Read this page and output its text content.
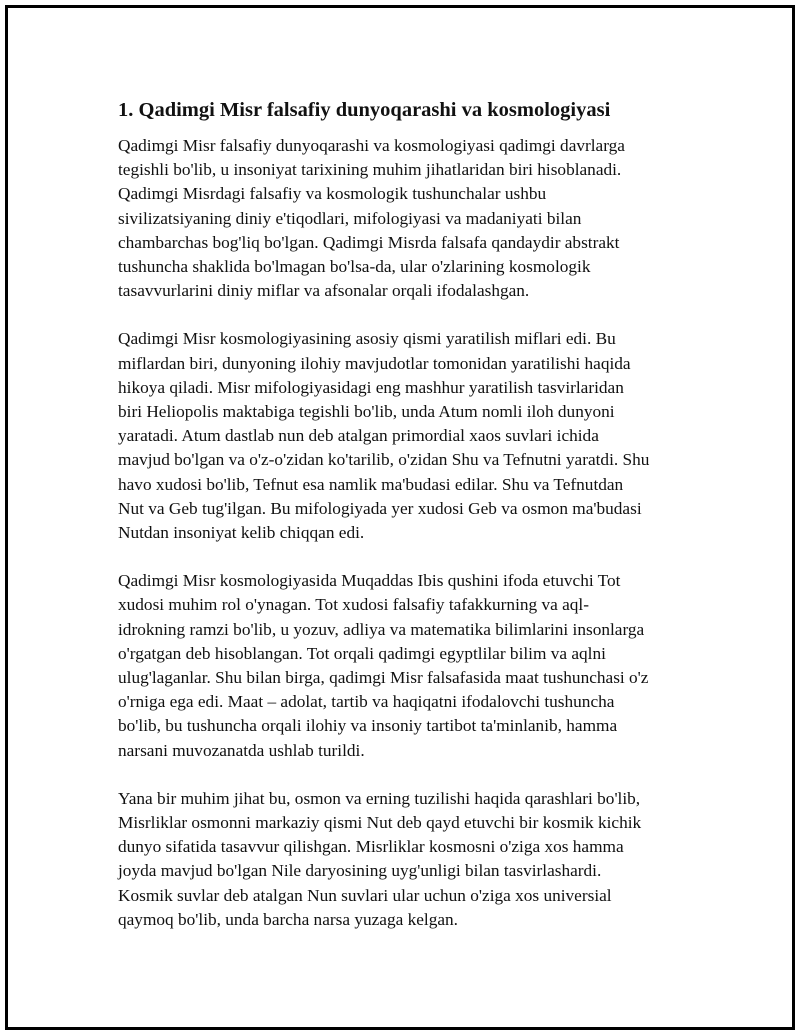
1. Qadimgi Misr falsafiy dunyoqarashi va kosmologiyasi
Qadimgi Misr falsafiy dunyoqarashi va kosmologiyasi qadimgi davrlarga
tegishli bo'lib, u insoniyat tarixining muhim jihatlaridan biri hisoblanadi.
Qadimgi Misrdagi falsafiy va kosmologik tushunchalar ushbu
sivilizatsiyaning diniy e'tiqodlari, mifologiyasi va madaniyati bilan
chambarchas bog'liq bo'lgan. Qadimgi Misrda falsafa qandaydir abstrakt
tushuncha shaklida bo'lmagan bo'lsa-da, ular o'zlarining kosmologik
tasavvurlarini diniy miflar va afsonalar orqali ifodalashgan.
Qadimgi Misr kosmologiyasining asosiy qismi yaratilish miflari edi. Bu
miflardan biri, dunyoning ilohiy mavjudotlar tomonidan yaratilishi haqida
hikoya qiladi. Misr mifologiyasidagi eng mashhur yaratilish tasvirlaridan
biri Heliopolis maktabiga tegishli bo'lib, unda Atum nomli iloh dunyoni
yaratadi. Atum dastlab nun deb atalgan primordial xaos suvlari ichida
mavjud bo'lgan va o'z-o'zidan ko'tarilib, o'zidan Shu va Tefnutni yaratdi. Shu
havo xudosi bo'lib, Tefnut esa namlik ma'budasi edilar. Shu va Tefnutdan
Nut va Geb tug'ilgan. Bu mifologiyada yer xudosi Geb va osmon ma'budasi
Nutdan insoniyat kelib chiqqan edi.
Qadimgi Misr kosmologiyasida Muqaddas Ibis qushini ifoda etuvchi Tot
xudosi muhim rol o'ynagan. Tot xudosi falsafiy tafakkurning va aql-
idrokning ramzi bo'lib, u yozuv, adliya va matematika bilimlarini insonlarga
o'rgatgan deb hisoblangan. Tot orqali qadimgi egyptlilar bilim va aqlni
ulug'laganlar. Shu bilan birga, qadimgi Misr falsafasida maat tushunchasi o'z
o'rniga ega edi. Maat – adolat, tartib va haqiqatni ifodalovchi tushuncha
bo'lib, bu tushuncha orqali ilohiy va insoniy tartibot ta'minlanib, hamma
narsani muvozanatda ushlab turildi.
Yana bir muhim jihat bu, osmon va erning tuzilishi haqida qarashlari bo'lib,
Misrliklar osmonni markaziy qismi Nut deb qayd etuvchi bir kosmik kichik
dunyo sifatida tasavvur qilishgan. Misrliklar kosmosni o'ziga xos hamma
joyda mavjud bo'lgan Nile daryosining uyg'unligi bilan tasvirlashardi.
Kosmik suvlar deb atalgan Nun suvlari ular uchun o'ziga xos universial
qaymoq bo'lib, unda barcha narsa yuzaga kelgan.
